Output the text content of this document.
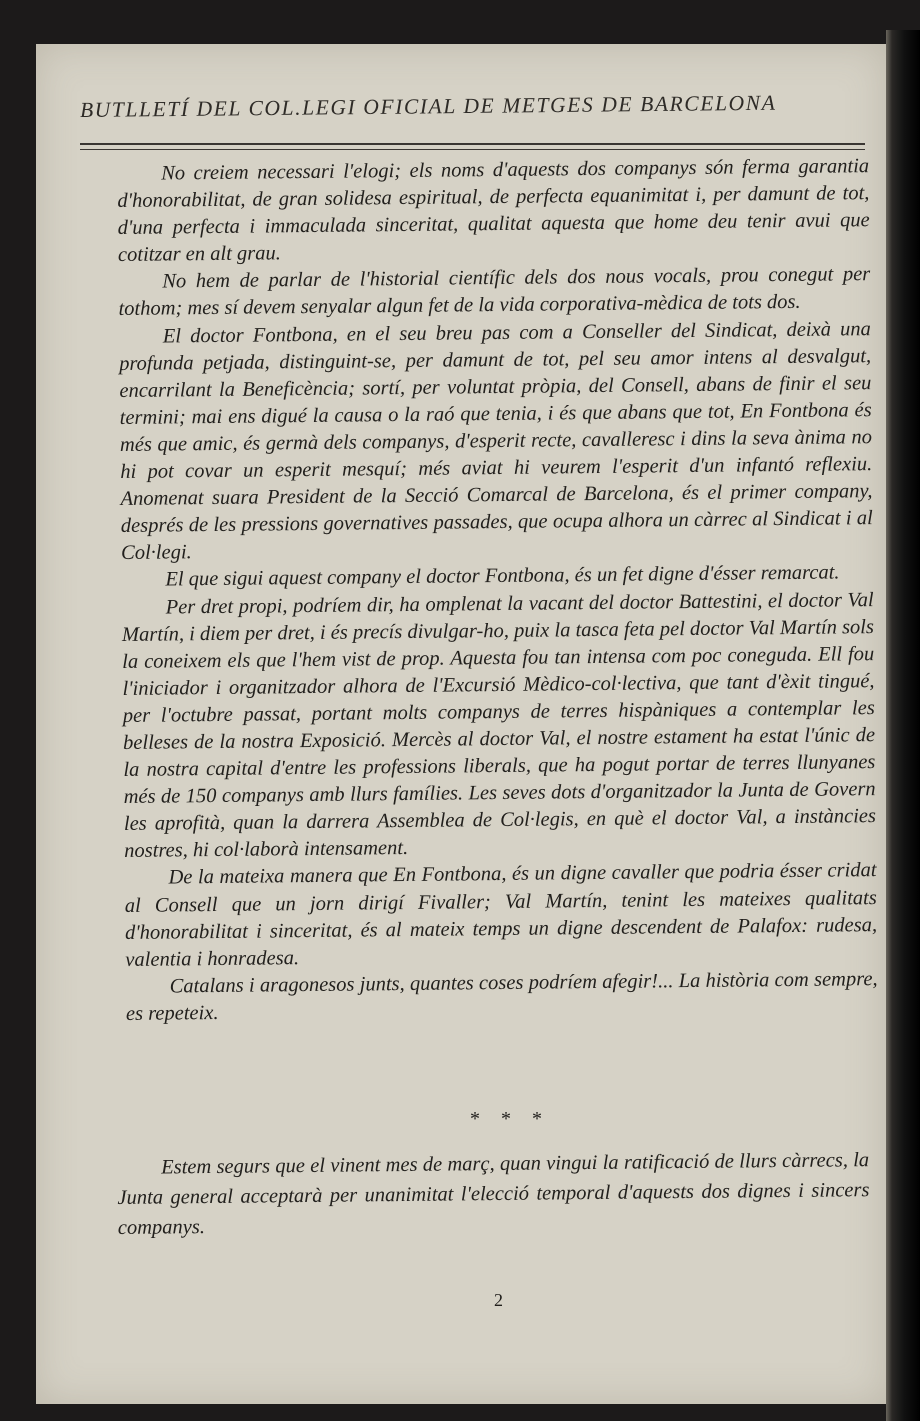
BUTLLETÍ DEL COL.LEGI OFICIAL DE METGES DE BARCELONA

No creiem necessari l'elogi; els noms d'aquests dos companys són ferma garantia d'honorabilitat, de gran solidesa espiritual, de perfecta equanimitat i, per damunt de tot, d'una perfecta i immaculada sinceritat, qualitat aquesta que home deu tenir avui que cotitzar en alt grau.

No hem de parlar de l'historial científic dels dos nous vocals, prou conegut per tothom; mes sí devem senyalar algun fet de la vida corporativa-mèdica de tots dos.

El doctor Fontbona, en el seu breu pas com a Conseller del Sindicat, deixà una profunda petjada, distinguint-se, per damunt de tot, pel seu amor intens al desvalgut, encarrilant la Beneficència; sortí, per voluntat pròpia, del Consell, abans de finir el seu termini; mai ens digué la causa o la raó que tenia, i és que abans que tot, En Fontbona és més que amic, és germà dels companys, d'esperit recte, cavalleresc i dins la seva ànima no hi pot covar un esperit mesquí; més aviat hi veurem l'esperit d'un infantó reflexiu. Anomenat suara President de la Secció Comarcal de Barcelona, és el primer company, després de les pressions governatives passades, que ocupa alhora un càrrec al Sindicat i al Col·legi.

El que sigui aquest company el doctor Fontbona, és un fet digne d'ésser remarcat.

Per dret propi, podríem dir, ha omplenat la vacant del doctor Battestini, el doctor Val Martín, i diem per dret, i és precís divulgar-ho, puix la tasca feta pel doctor Val Martín sols la coneixem els que l'hem vist de prop. Aquesta fou tan intensa com poc coneguda. Ell fou l'iniciador i organitzador alhora de l'Excursió Mèdico-col·lectiva, que tant d'èxit tingué, per l'octubre passat, portant molts companys de terres hispàniques a contemplar les belleses de la nostra Exposició. Mercès al doctor Val, el nostre estament ha estat l'únic de la nostra capital d'entre les professions liberals, que ha pogut portar de terres llunyanes més de 150 companys amb llurs famílies. Les seves dots d'organitzador la Junta de Govern les aprofità, quan la darrera Assemblea de Col·legis, en què el doctor Val, a instàncies nostres, hi col·laborà intensament.

De la mateixa manera que En Fontbona, és un digne cavaller que podria ésser cridat al Consell que un jorn dirigí Fivaller; Val Martín, tenint les mateixes qualitats d'honorabilitat i sinceritat, és al mateix temps un digne descendent de Palafox: rudesa, valentia i honradesa.

Catalans i aragonesos junts, quantes coses podríem afegir!... La història com sempre, es repeteix.

* * *

Estem segurs que el vinent mes de març, quan vingui la ratificació de llurs càrrecs, la Junta general acceptarà per unanimitat l'elecció temporal d'aquests dos dignes i sincers companys.

2
